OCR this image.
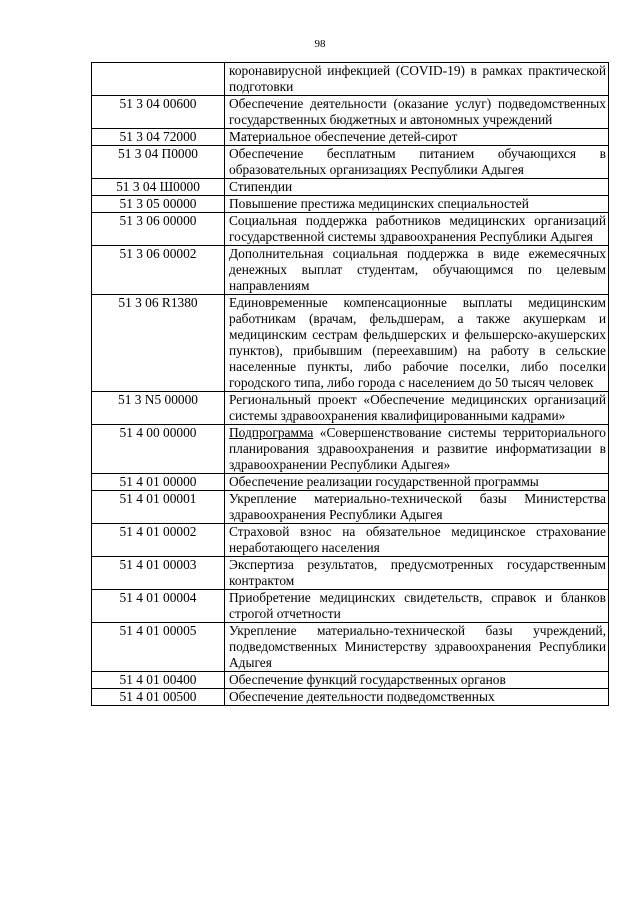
98
	коронавирусной инфекцией (COVID-19) в рамках практической подготовки
51 3 04 00600	Обеспечение деятельности (оказание услуг) подведомственных государственных бюджетных и автономных учреждений
51 3 04 72000	Материальное обеспечение детей-сирот
51 3 04 П0000	Обеспечение бесплатным питанием обучающихся в образовательных организациях Республики Адыгея
51 3 04 Ш0000	Стипендии
51 3 05 00000	Повышение престижа медицинских специальностей
51 3 06 00000	Социальная поддержка работников медицинских организаций государственной системы здравоохранения Республики Адыгея
51 3 06 00002	Дополнительная социальная поддержка в виде ежемесячных денежных выплат студентам, обучающимся по целевым направлениям
51 3 06 R1380	Единовременные компенсационные выплаты медицинским работникам (врачам, фельдшерам, а также акушеркам и медицинским сестрам фельдшерских и фельшерско-акушерских пунктов), прибывшим (переехавшим) на работу в сельские населенные пункты, либо рабочие поселки, либо поселки городского типа, либо города с населением до 50 тысяч человек
51 3 N5 00000	Региональный проект «Обеспечение медицинских организаций системы здравоохранения квалифицированными кадрами»
51 4 00 00000	Подпрограмма «Совершенствование системы территориального планирования здравоохранения и развитие информатизации в здравоохранении Республики Адыгея»
51 4 01 00000	Обеспечение реализации государственной программы
51 4 01 00001	Укрепление материально-технической базы Министерства здравоохранения Республики Адыгея
51 4 01 00002	Страховой взнос на обязательное медицинское страхование неработающего населения
51 4 01 00003	Экспертиза результатов, предусмотренных государственным контрактом
51 4 01 00004	Приобретение медицинских свидетельств, справок и бланков строгой отчетности
51 4 01 00005	Укрепление материально-технической базы учреждений, подведомственных Министерству здравоохранения Республики Адыгея
51 4 01 00400	Обеспечение функций государственных органов
51 4 01 00500	Обеспечение деятельности подведомственных
